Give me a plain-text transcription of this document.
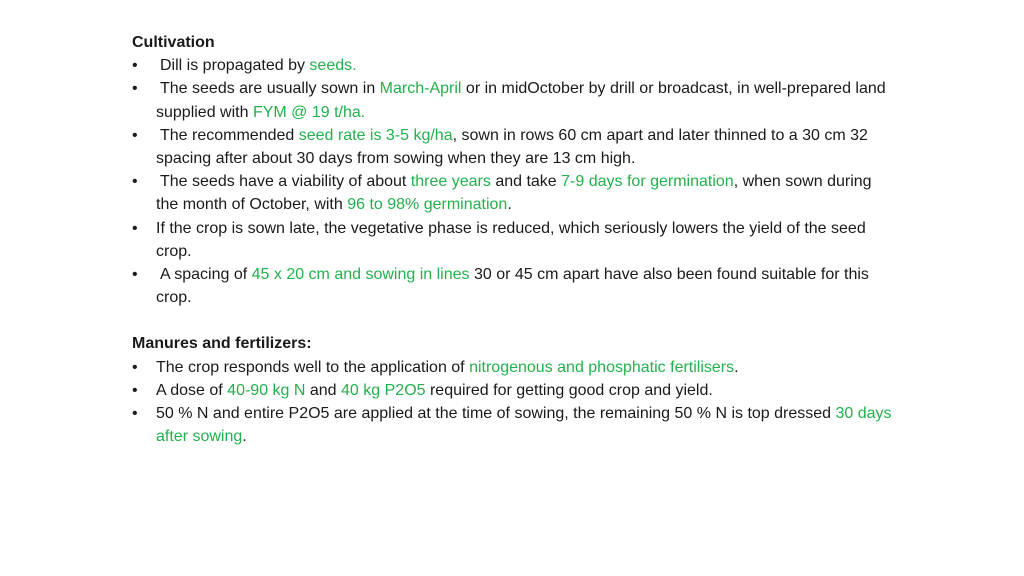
Cultivation

•	Dill is propagated by seeds.
•	The seeds are usually sown in March-April or in midOctober by drill or broadcast, in well-prepared land supplied with FYM @ 19 t/ha.
•	The recommended seed rate is 3-5 kg/ha, sown in rows 60 cm apart and later thinned to a 30 cm 32 spacing after about 30 days from sowing when they are 13 cm high.
•	The seeds have a viability of about three years and take 7-9 days for germination, when sown during the month of October, with 96 to 98% germination.
•	If the crop is sown late, the vegetative phase is reduced, which seriously lowers the yield of the seed crop.
•	A spacing of 45 x 20 cm and sowing in lines 30 or 45 cm apart have also been found suitable for this crop.

Manures and fertilizers:

•	The crop responds well to the application of nitrogenous and phosphatic fertilisers.
•	A dose of 40-90 kg N and 40 kg P2O5 required for getting good crop and yield.
•	50 % N and entire P2O5 are applied at the time of sowing, the remaining 50 % N is top dressed 30 days after sowing.
